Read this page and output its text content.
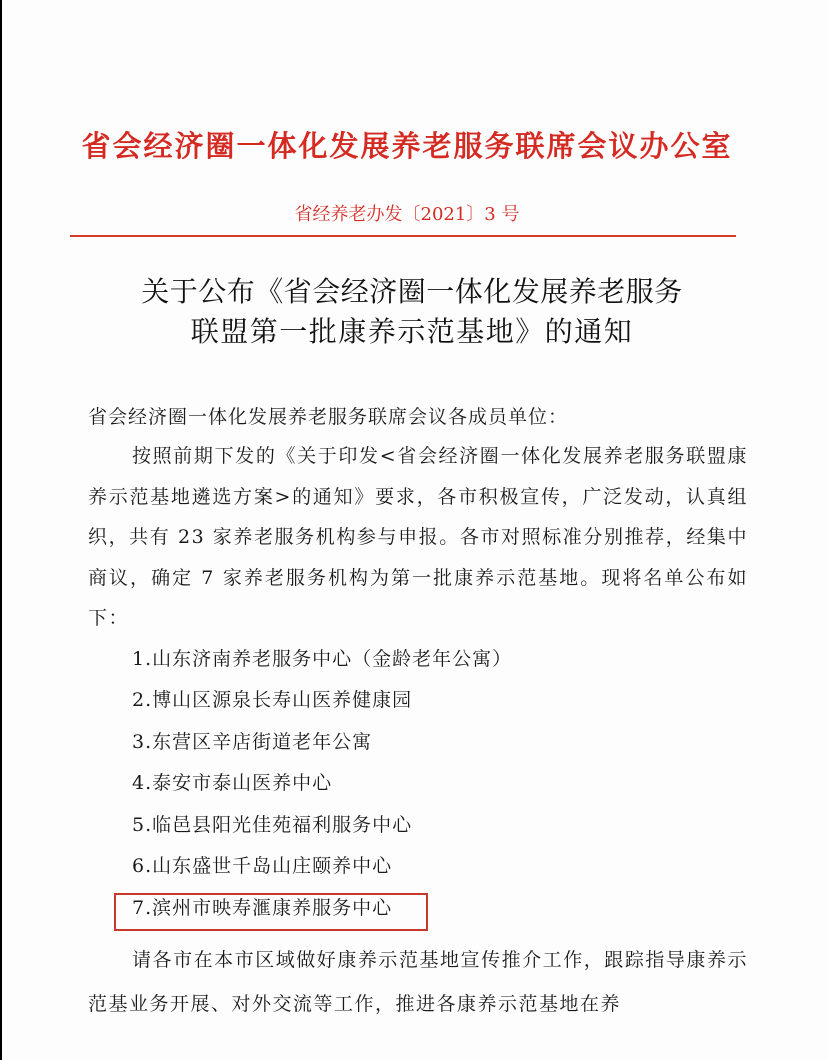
省会经济圈一体化发展养老服务联席会议办公室
省经养老办发〔2021〕3 号
关于公布《省会经济圈一体化发展养老服务
联盟第一批康养示范基地》的通知
省会经济圈一体化发展养老服务联席会议各成员单位：
按照前期下发的《关于印发<省会经济圈一体化发展养老服务联盟康养示范基地遴选方案>的通知》要求，各市积极宣传，广泛发动，认真组织，共有 23 家养老服务机构参与申报。各市对照标准分别推荐，经集中商议，确定 7 家养老服务机构为第一批康养示范基地。现将名单公布如下：
1.山东济南养老服务中心（金龄老年公寓）
2.博山区源泉长寿山医养健康园
3.东营区辛店街道老年公寓
4.泰安市泰山医养中心
5.临邑县阳光佳苑福利服务中心
6.山东盛世千岛山庄颐养中心
7.滨州市映寿滙康养服务中心
请各市在本市区域做好康养示范基地宣传推介工作，跟踪指导康养示范基业务开展、对外交流等工作，推进各康养示范基地在养
